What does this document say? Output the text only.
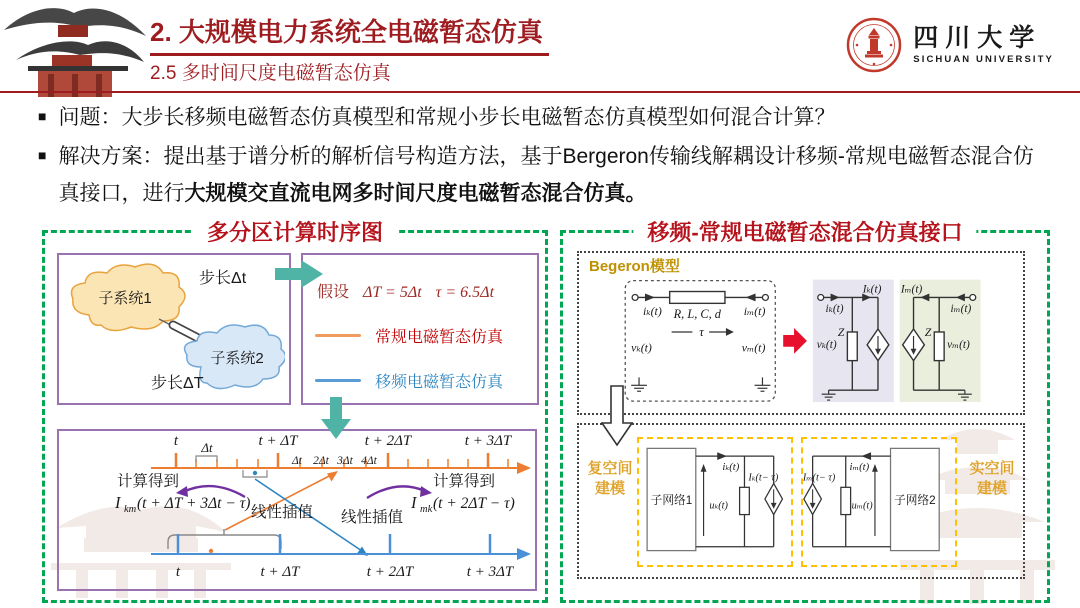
2. 大规模电力系统全电磁暂态仿真
2.5 多时间尺度电磁暂态仿真
四川大学
SICHUAN UNIVERSITY
■ 问题：大步长移频电磁暂态仿真模型和常规小步长电磁暂态仿真模型如何混合计算？
■ 解决方案：提出基于谱分析的解析信号构造方法，基于Bergeron传输线解耦设计移频-常规电磁暂态混合仿真接口，进行大规模交直流电网多时间尺度电磁暂态混合仿真。
多分区计算时序图
子系统1
步长Δt
子系统2
步长ΔT
假设 ΔT = 5Δt τ = 6.5Δt
常规电磁暂态仿真
移频电磁暂态仿真
t	t + ΔT	t + 2ΔT	t + 3ΔT
Δt
Δt 2Δt 3Δt 4Δt
计算得到
I km (t + ΔT + 3Δt − τ)
线性插值 线性插值
计算得到
I mk (t + 2ΔT − τ)
t	t + ΔT	t + 2ΔT	t + 3ΔT
移频-常规电磁暂态混合仿真接口
Begeron模型
iₖ(t) R, L, C, d iₘ(t)
τ
vₖ(t)	vₘ(t)
iₖ(t)
Iₖ(t)
Z
vₖ(t)
Iₘ(t)
iₘ(t)
Z
vₘ(t)
复空间建模
实空间建模
子网络1
iₖ(t)
uₖ(t)
Iₖ(t− τ)
子网络2
iₘ(t)
Iₘ(t− τ)
uₘ(t)
